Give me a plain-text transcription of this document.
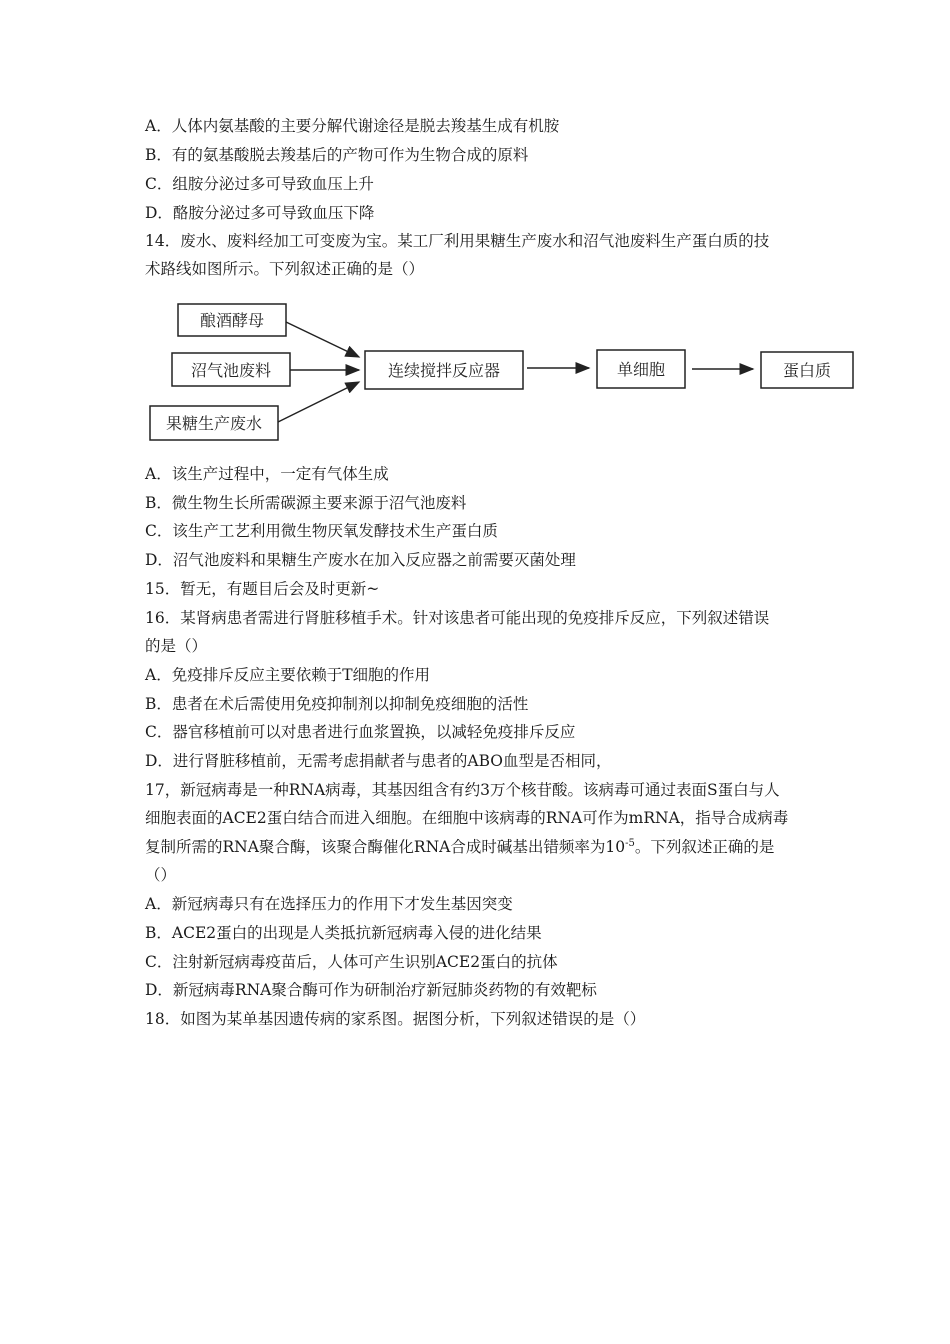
A．人体内氨基酸的主要分解代谢途径是脱去羧基生成有机胺
B．有的氨基酸脱去羧基后的产物可作为生物合成的原料
C．组胺分泌过多可导致血压上升
D．酪胺分泌过多可导致血压下降
14．废水、废料经加工可变废为宝。某工厂利用果糖生产废水和沼气池废料生产蛋白质的技
术路线如图所示。下列叙述正确的是（）
酿酒酵母
沼气池废料
果糖生产废水
连续搅拌反应器	单细胞	蛋白质
A．该生产过程中，一定有气体生成
B．微生物生长所需碳源主要来源于沼气池废料
C．该生产工艺利用微生物厌氧发酵技术生产蛋白质
D．沼气池废料和果糖生产废水在加入反应器之前需要灭菌处理
15．暂无，有题目后会及时更新~
16．某肾病患者需进行肾脏移植手术。针对该患者可能出现的免疫排斥反应，下列叙述错误
的是（）
A．免疫排斥反应主要依赖于T细胞的作用
B．患者在术后需使用免疫抑制剂以抑制免疫细胞的活性
C．器官移植前可以对患者进行血浆置换，以减轻免疫排斥反应
D．进行肾脏移植前，无需考虑捐献者与患者的ABO血型是否相同，
17，新冠病毒是一种RNA病毒，其基因组含有约3万个核苷酸。该病毒可通过表面S蛋白与人
细胞表面的ACE2蛋白结合而进入细胞。在细胞中该病毒的RNA可作为mRNA，指导合成病毒
复制所需的RNA聚合酶，该聚合酶催化RNA合成时碱基出错频率为$10^{-5}$。下列叙述正确的是
（）
A．新冠病毒只有在选择压力的作用下才发生基因突变
B．ACE2蛋白的出现是人类抵抗新冠病毒入侵的进化结果
C．注射新冠病毒疫苗后，人体可产生识别ACE2蛋白的抗体
D．新冠病毒RNA聚合酶可作为研制治疗新冠肺炎药物的有效靶标
18．如图为某单基因遗传病的家系图。据图分析，下列叙述错误的是（）
